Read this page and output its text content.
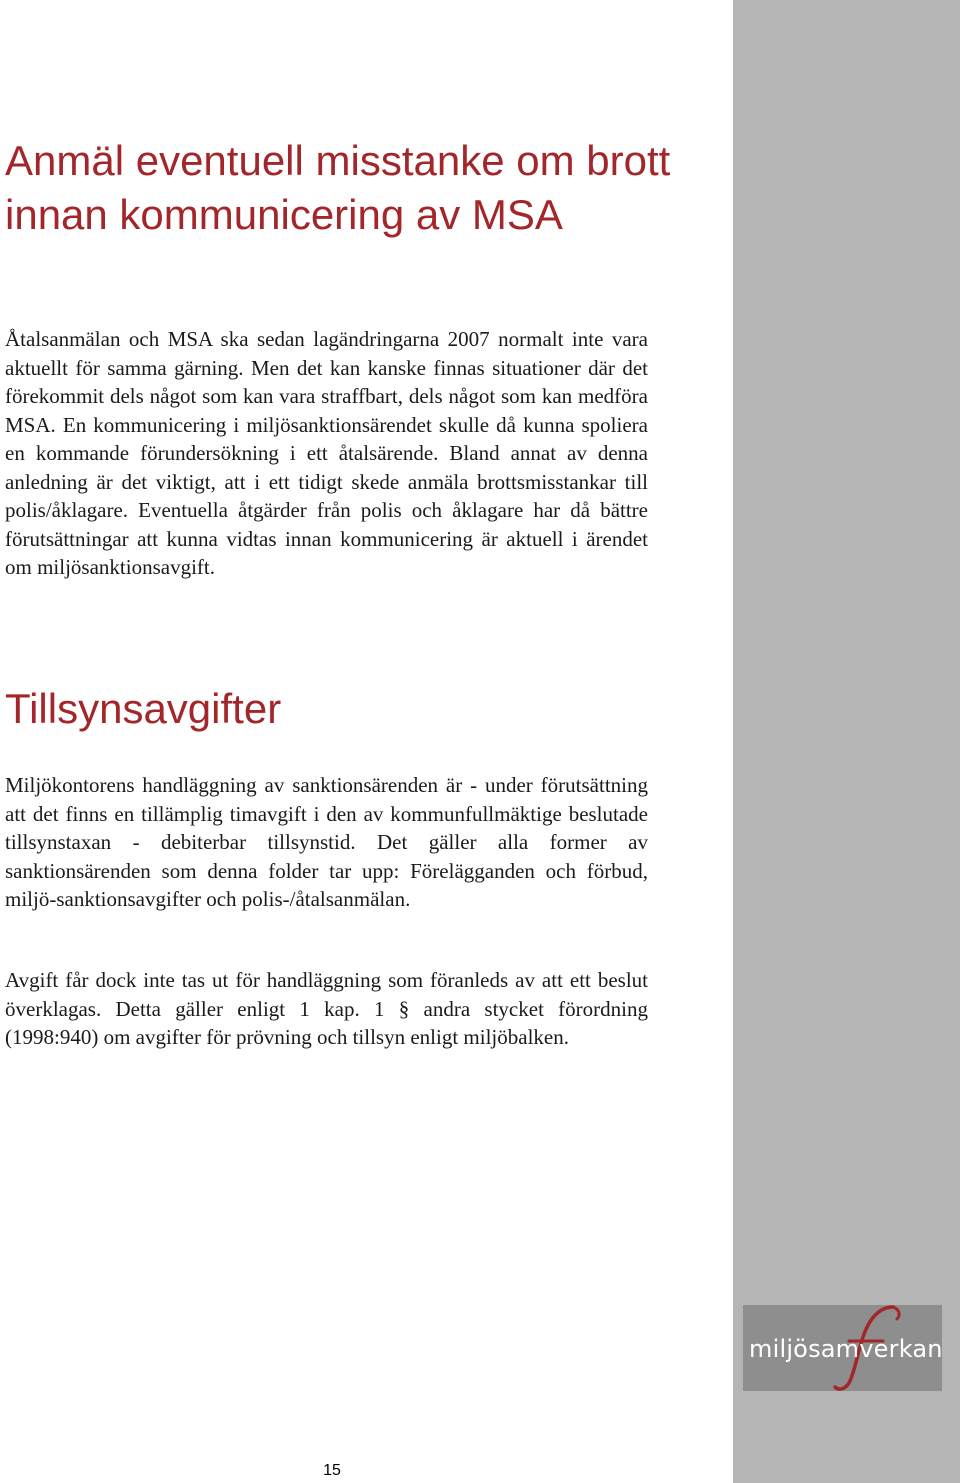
Anmäl eventuell misstanke om brott innan kommunicering av MSA

Åtalsanmälan och MSA ska sedan lagändringarna 2007 normalt inte vara aktuellt för samma gärning. Men det kan kanske finnas situationer där det förekommit dels något som kan vara straffbart, dels något som kan medföra MSA. En kommunicering i miljösanktionsärendet skulle då kunna spoliera en kommande förundersökning i ett åtalsärende. Bland annat av denna anledning är det viktigt, att i ett tidigt skede anmäla brottsmisstankar till polis/åklagare. Eventuella åtgärder från polis och åklagare har då bättre förutsättningar att kunna vidtas innan kommunicering är aktuell i ärendet om miljösanktionsavgift.

Tillsynsavgifter

Miljökontorens handläggning av sanktionsärenden är - under förutsättning att det finns en tillämplig timavgift i den av kommunfullmäktige beslutade tillsynstaxan - debiterbar tillsynstid. Det gäller alla former av sanktionsärenden som denna folder tar upp: Förelägganden och förbud, miljö-sanktionsavgifter och polis-/åtalsanmälan.

Avgift får dock inte tas ut för handläggning som föranleds av att ett beslut överklagas. Detta gäller enligt 1 kap. 1 § andra stycket förordning (1998:940) om avgifter för prövning och tillsyn enligt miljöbalken.

miljösamverkan
15
